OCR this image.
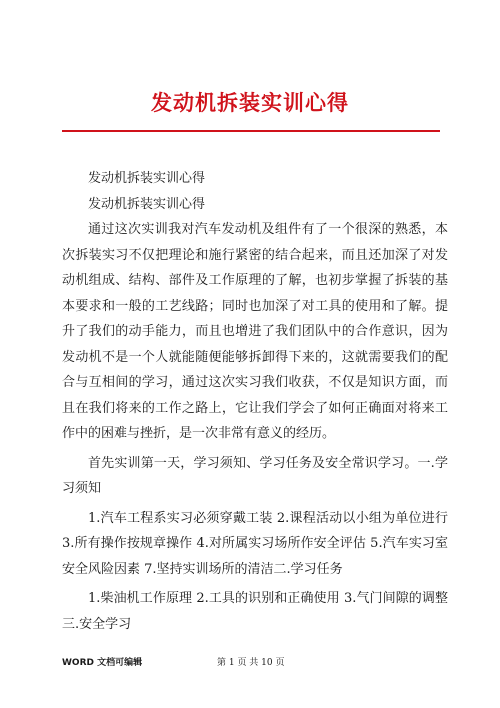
发动机拆装实训心得

发动机拆装实训心得

发动机拆装实训心得

通过这次实训我对汽车发动机及组件有了一个很深的熟悉，本次拆装实习不仅把理论和施行紧密的结合起来，而且还加深了对发动机组成、结构、部件及工作原理的了解，也初步掌握了拆装的基本要求和一般的工艺线路；同时也加深了对工具的使用和了解。提升了我们的动手能力，而且也增进了我们团队中的合作意识，因为发动机不是一个人就能随便能够拆卸得下来的，这就需要我们的配合与互相间的学习，通过这次实习我们收获，不仅是知识方面，而且在我们将来的工作之路上，它让我们学会了如何正确面对将来工作中的困难与挫折，是一次非常有意义的经历。

首先实训第一天，学习须知、学习任务及安全常识学习。一.学习须知

1.汽车工程系实习必须穿戴工装 2.课程活动以小组为单位进行 3.所有操作按规章操作 4.对所属实习场所作安全评估 5.汽车实习室安全风险因素 7.坚持实训场所的清洁二.学习任务

1.柴油机工作原理 2.工具的识别和正确使用 3.气门间隙的调整三.安全学习

WORD 文档可编辑	第 1 页 共 10 页
